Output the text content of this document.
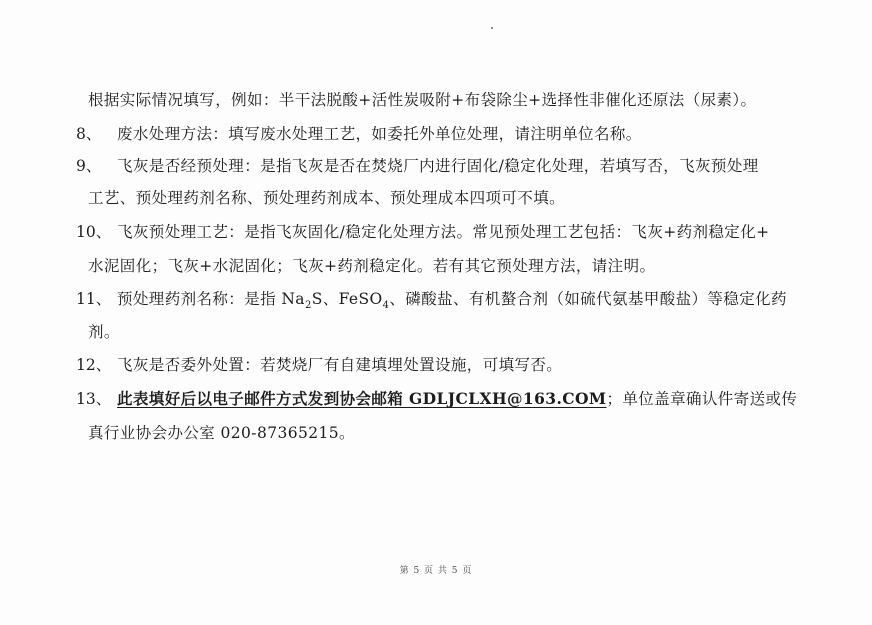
根据实际情况填写，例如：半干法脱酸+活性炭吸附+布袋除尘+选择性非催化还原法（尿素）。
8、 废水处理方法：填写废水处理工艺，如委托外单位处理，请注明单位名称。
9、 飞灰是否经预处理：是指飞灰是否在焚烧厂内进行固化/稳定化处理，若填写否，飞灰预处理
工艺、预处理药剂名称、预处理药剂成本、预处理成本四项可不填。
10、 飞灰预处理工艺：是指飞灰固化/稳定化处理方法。常见预处理工艺包括：飞灰+药剂稳定化+
水泥固化；飞灰+水泥固化；飞灰+药剂稳定化。若有其它预处理方法，请注明。
11、 预处理药剂名称：是指 $Na_2S$、FeSO$_4$、磷酸盐、有机螯合剂（如硫代氨基甲酸盐）等稳定化药
剂。
12、 飞灰是否委外处置：若焚烧厂有自建填埋处置设施，可填写否。
13、 此表填好后以电子邮件方式发到协会邮箱 GDLJCLXH@163.COM；单位盖章确认件寄送或传
真行业协会办公室 020-87365215。
第 5 页 共 5 页
